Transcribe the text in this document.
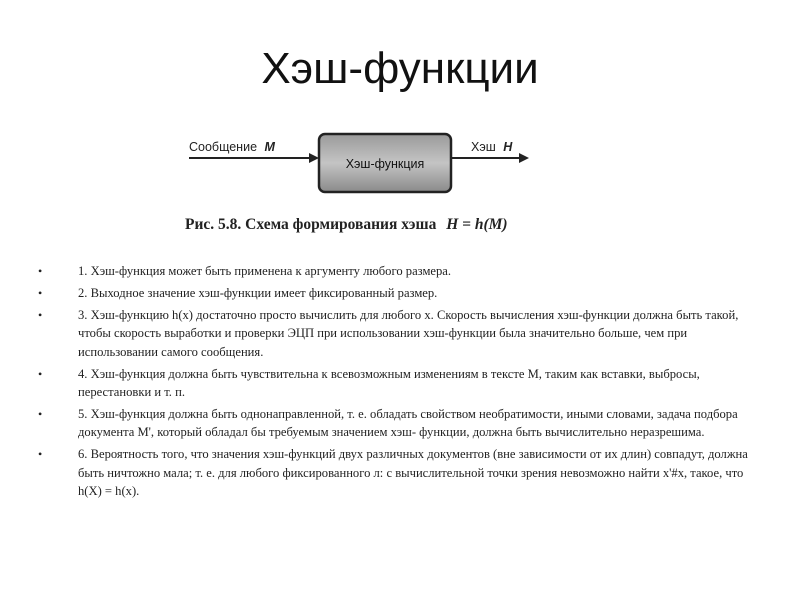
Хэш-функции
Сообщение M
Хэш-функция
Хэш H
Рис. 5.8. Схема формирования хэша H = h(M)
•	1. Хэш-функция может быть применена к аргументу любого размера.
•	2. Выходное значение хэш-функции имеет фиксированный размер.
•	3. Хэш-функцию h(x) достаточно просто вычислить для любого х. Скорость вычисления хэш-функции должна быть такой, чтобы скорость выработки и проверки ЭЦП при использовании хэш-функции была значительно больше, чем при использовании самого сообщения.
•	4. Хэш-функция должна быть чувствительна к всевозможным изменениям в тексте М, таким как вставки, выбросы, перестановки и т. п.
•	5. Хэш-функция должна быть однонаправленной, т. е. обладать свойством необратимости, иными словами, задача подбора документа М', который обладал бы требуемым значением хэш- функции, должна быть вычислительно неразрешима.
•	6. Вероятность того, что значения хэш-функций двух различных документов (вне зависимости от их длин) совпадут, должна быть ничтожно мала; т. е. для любого фиксированного л: с вычислительной точки зрения невозможно найти x'#x, такое, что h(X) = h(x).
